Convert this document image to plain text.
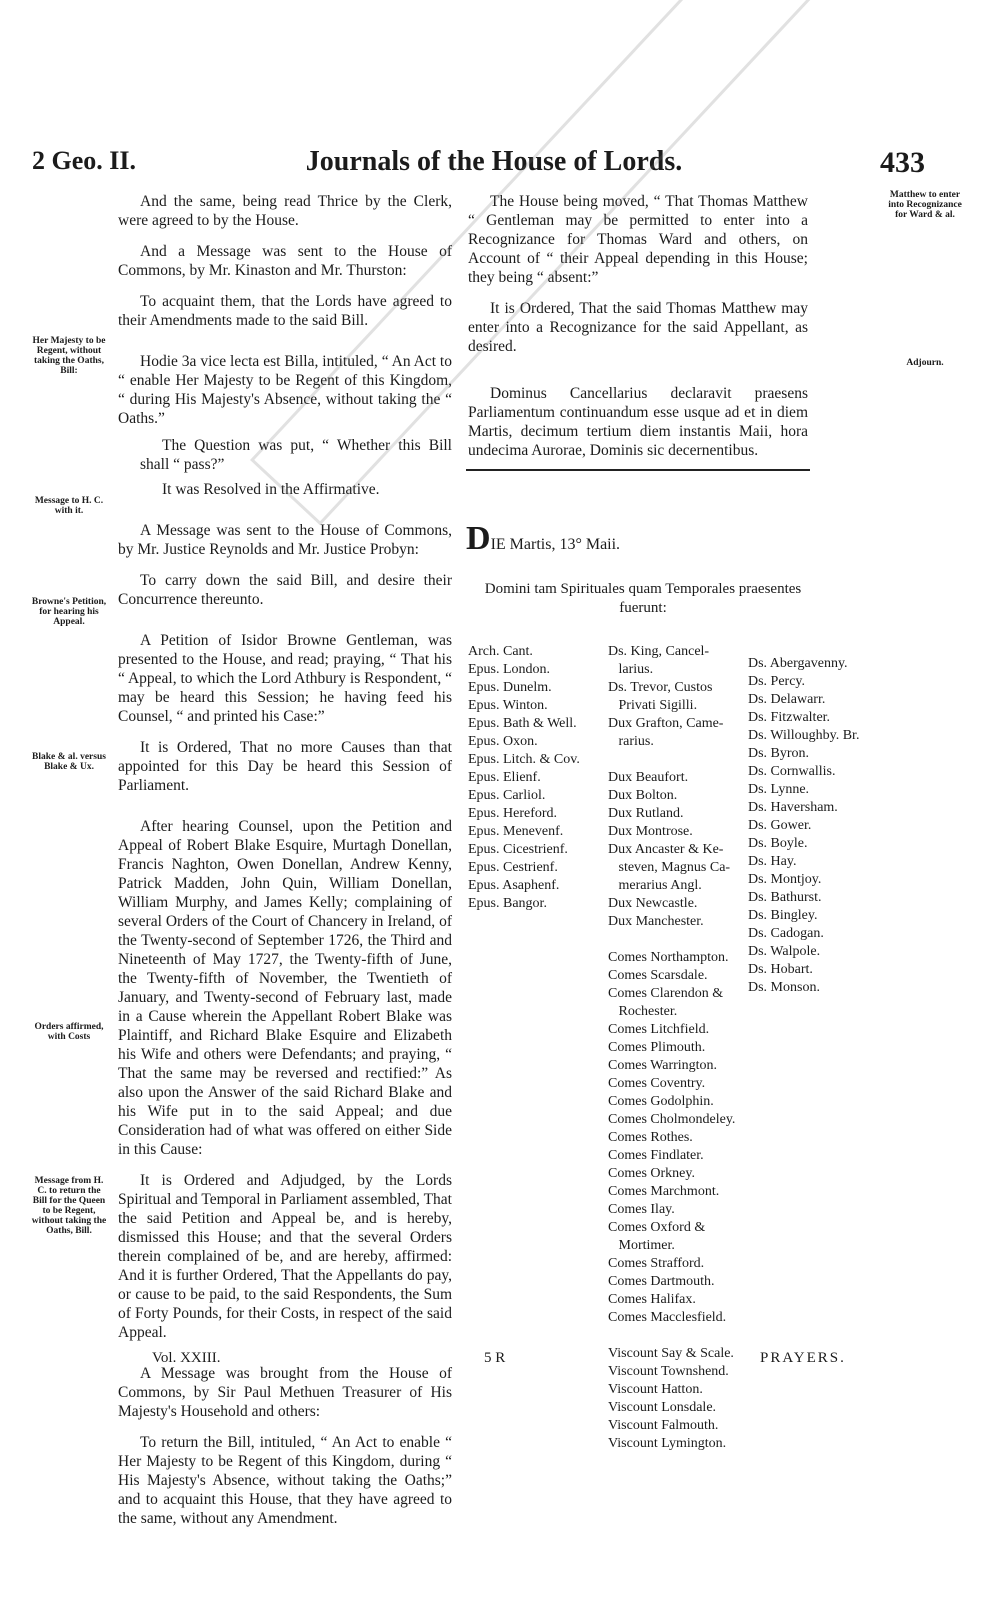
2 Geo. II.	Journals of the House of Lords.	433
Her Majesty to be Regent, without taking the Oaths, Bill:
Message to H. C. with it.
Browne's Petition, for hearing his Appeal.
Blake & al. versus Blake & Ux.
Orders affirmed, with Costs
Message from H. C. to return the Bill for the Queen to be Regent, without taking the Oaths, Bill.
Matthew to enter into Recognizance for Ward & al.
Adjourn.

And the same, being read Thrice by the Clerk, were agreed to by the House.

And a Message was sent to the House of Commons, by Mr. Kinaston and Mr. Thurston:

To acquaint them, that the Lords have agreed to their Amendments made to the said Bill.

Hodie 3a vice lecta est Billa, intituled, “ An Act to “ enable Her Majesty to be Regent of this Kingdom, “ during His Majesty's Absence, without taking the “ Oaths.”

The Question was put, “ Whether this Bill shall “ pass?”

It was Resolved in the Affirmative.

A Message was sent to the House of Commons, by Mr. Justice Reynolds and Mr. Justice Probyn:

To carry down the said Bill, and desire their Concurrence thereunto.

A Petition of Isidor Browne Gentleman, was presented to the House, and read; praying, “ That his “ Appeal, to which the Lord Athbury is Respondent, “ may be heard this Session; he having feed his Counsel, “ and printed his Case:”

It is Ordered, That no more Causes than that appointed for this Day be heard this Session of Parliament.

After hearing Counsel, upon the Petition and Appeal of Robert Blake Esquire, Murtagh Donellan, Francis Naghton, Owen Donellan, Andrew Kenny, Patrick Madden, John Quin, William Donellan, William Murphy, and James Kelly; complaining of several Orders of the Court of Chancery in Ireland, of the Twenty-second of September 1726, the Third and Nineteenth of May 1727, the Twenty-fifth of June, the Twenty-fifth of November, the Twentieth of January, and Twenty-second of February last, made in a Cause wherein the Appellant Robert Blake was Plaintiff, and Richard Blake Esquire and Elizabeth his Wife and others were Defendants; and praying, “ That the same may be reversed and rectified:” As also upon the Answer of the said Richard Blake and his Wife put in to the said Appeal; and due Consideration had of what was offered on either Side in this Cause:

It is Ordered and Adjudged, by the Lords Spiritual and Temporal in Parliament assembled, That the said Petition and Appeal be, and is hereby, dismissed this House; and that the several Orders therein complained of be, and are hereby, affirmed: And it is further Ordered, That the Appellants do pay, or cause to be paid, to the said Respondents, the Sum of Forty Pounds, for their Costs, in respect of the said Appeal.

A Message was brought from the House of Commons, by Sir Paul Methuen Treasurer of His Majesty's Household and others:

To return the Bill, intituled, “ An Act to enable “ Her Majesty to be Regent of this Kingdom, during “ His Majesty's Absence, without taking the Oaths;” and to acquaint this House, that they have agreed to the same, without any Amendment.

The House being moved, “ That Thomas Matthew “ Gentleman may be permitted to enter into a Recognizance for Thomas Ward and others, on Account of “ their Appeal depending in this House; they being “ absent:”

It is Ordered, That the said Thomas Matthew may enter into a Recognizance for the said Appellant, as desired.

Dominus Cancellarius declaravit praesens Parliamentum continuandum esse usque ad et in diem Martis, decimum tertium diem instantis Maii, hora undecima Aurorae, Dominis sic decernentibus.

DIE Martis, 13° Maii.
Domini tam Spirituales quam Temporales praesentes fuerunt:
Arch. Cant.
Epus. London.
Epus. Dunelm.
Epus. Winton.
Epus. Bath & Well.
Epus. Oxon.
Epus. Litch. & Cov.
Epus. Elienf.
Epus. Carliol.
Epus. Hereford.
Epus. Menevenf.
Epus. Cicestrienf.
Epus. Cestrienf.
Epus. Asaphenf.
Epus. Bangor.
Ds. King, Cancel-
larius.
Ds. Trevor, Custos
Privati Sigilli.
Dux Grafton, Came-
rarius.

Dux Beaufort.
Dux Bolton.
Dux Rutland.
Dux Montrose.
Dux Ancaster & Ke-
steven, Magnus Ca-
merarius Angl.
Dux Newcastle.
Dux Manchester.

Comes Northampton.
Comes Scarsdale.
Comes Clarendon &
Rochester.
Comes Litchfield.
Comes Plimouth.
Comes Warrington.
Comes Coventry.
Comes Godolphin.
Comes Cholmondeley.
Comes Rothes.
Comes Findlater.
Comes Orkney.
Comes Marchmont.
Comes Ilay.
Comes Oxford &
Mortimer.
Comes Strafford.
Comes Dartmouth.
Comes Halifax.
Comes Macclesfield.

Viscount Say & Scale.
Viscount Townshend.
Viscount Hatton.
Viscount Lonsdale.
Viscount Falmouth.
Viscount Lymington.
Ds. Abergavenny.
Ds. Percy.
Ds. Delawarr.
Ds. Fitzwalter.
Ds. Willoughby. Br.
Ds. Byron.
Ds. Cornwallis.
Ds. Lynne.
Ds. Haversham.
Ds. Gower.
Ds. Boyle.
Ds. Hay.
Ds. Montjoy.
Ds. Bathurst.
Ds. Bingley.
Ds. Cadogan.
Ds. Walpole.
Ds. Hobart.
Ds. Monson.
Vol. XXIII.	5 R	PRAYERS.
